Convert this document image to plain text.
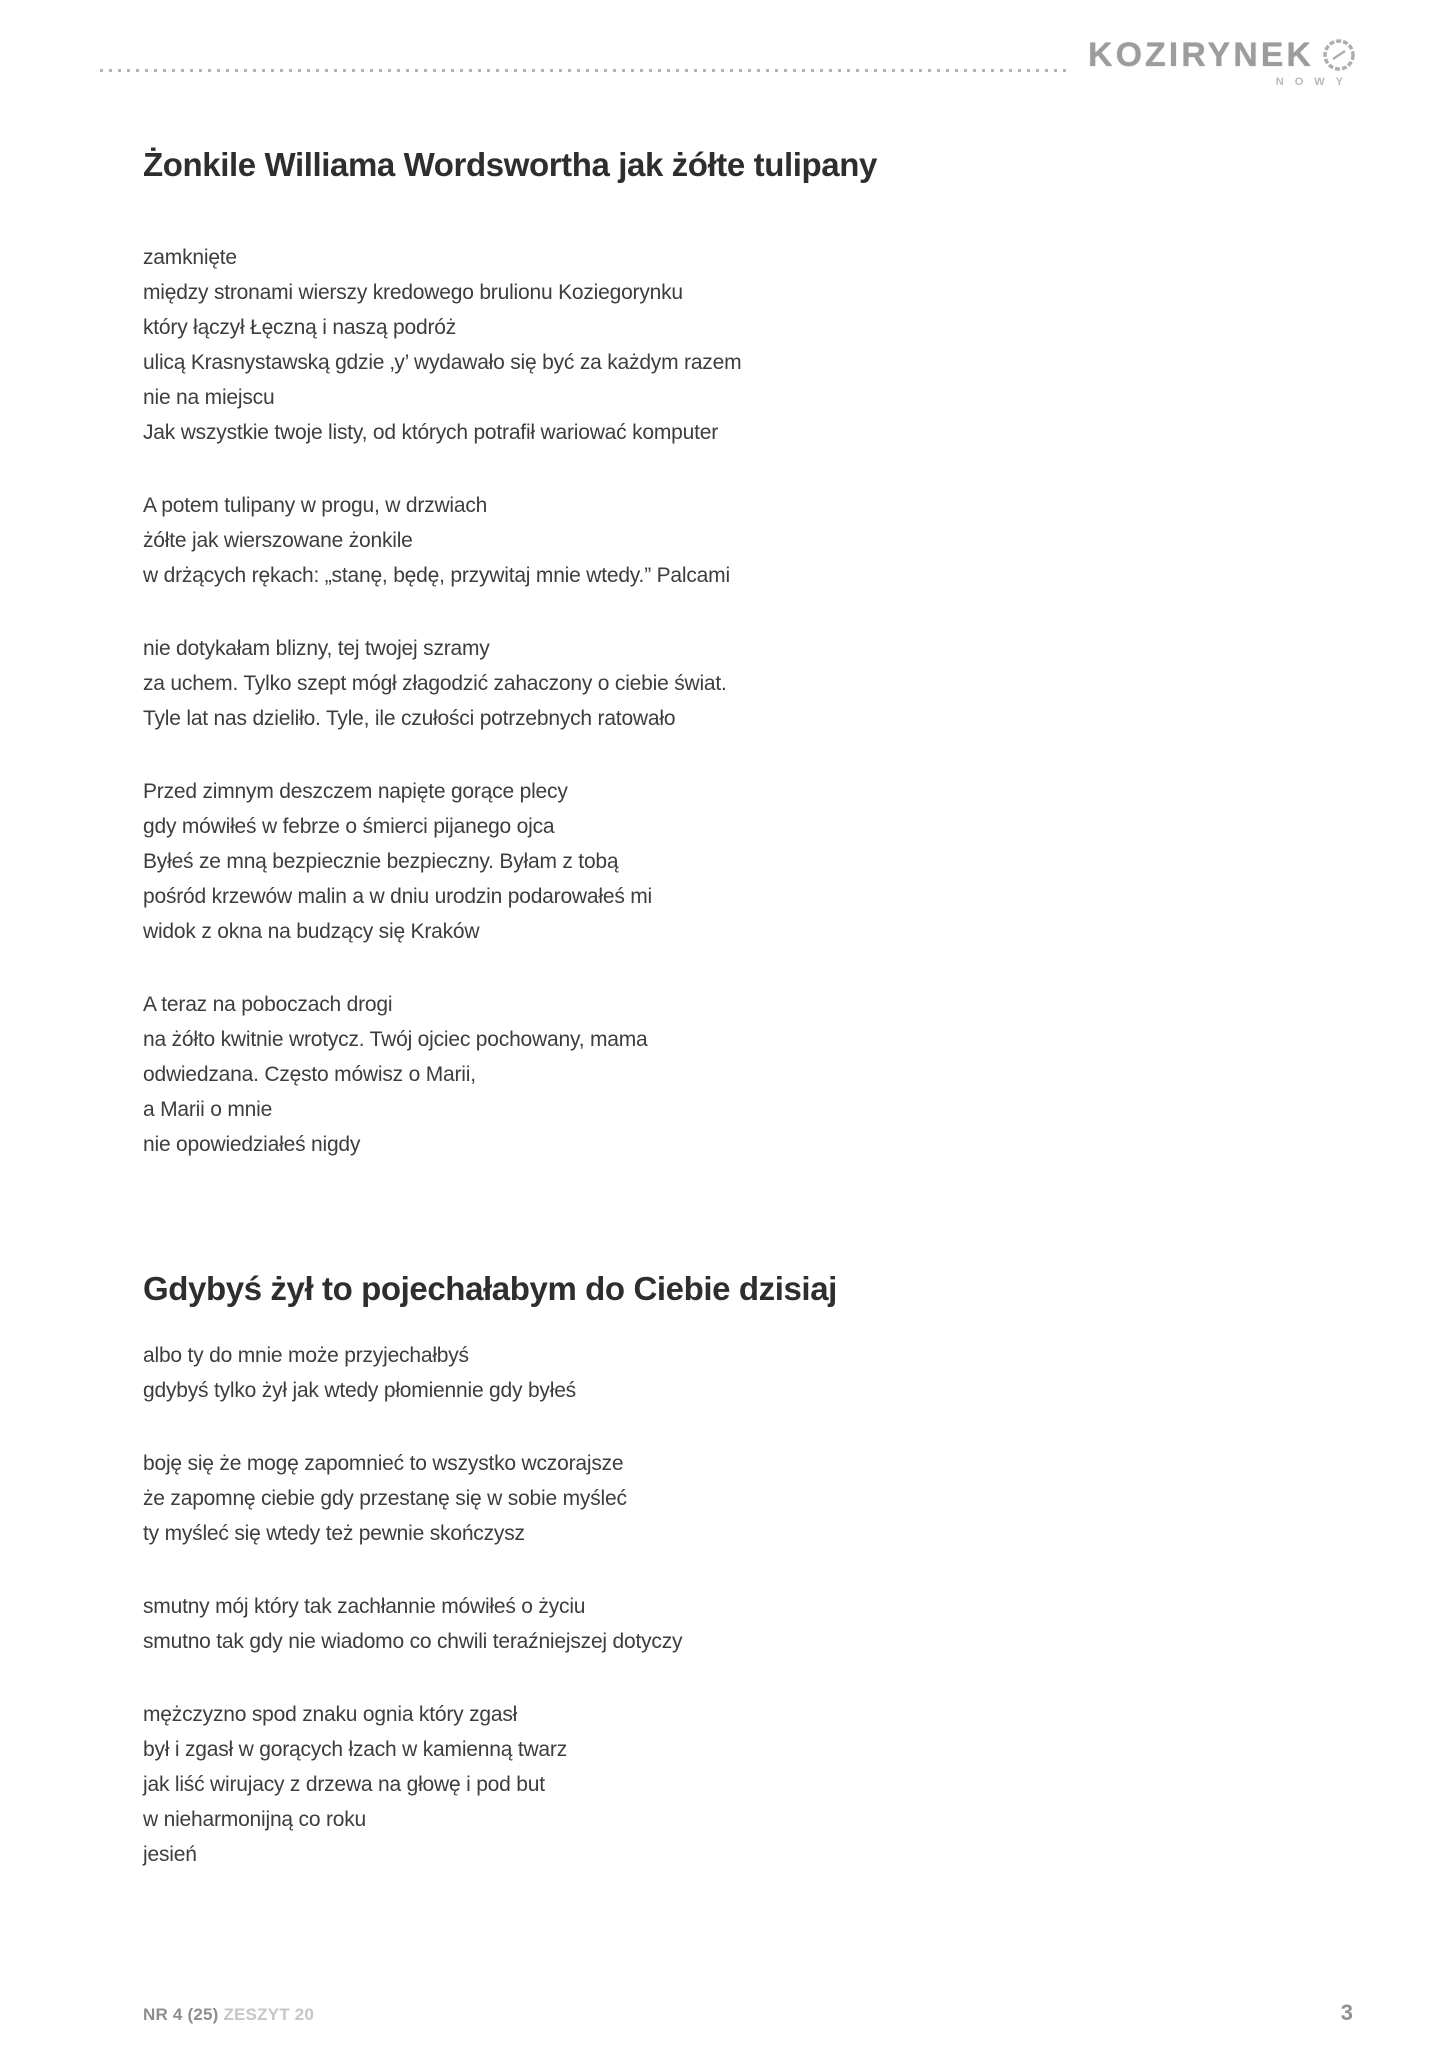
KOZIRYNEK
NOWY
Żonkile Williama Wordswortha jak żółte tulipany
zamknięte
między stronami wierszy kredowego brulionu Koziegorynku
który łączył Łęczną i naszą podróż
ulicą Krasnystawską gdzie ‚y’ wydawało się być za każdym razem
nie na miejscu
Jak wszystkie twoje listy, od których potrafił wariować komputer
A potem tulipany w progu, w drzwiach
żółte jak wierszowane żonkile
w drżących rękach: „stanę, będę, przywitaj mnie wtedy.” Palcami
nie dotykałam blizny, tej twojej szramy
za uchem. Tylko szept mógł złagodzić zahaczony o ciebie świat.
Tyle lat nas dzieliło. Tyle, ile czułości potrzebnych ratowało
Przed zimnym deszczem napięte gorące plecy
gdy mówiłeś w febrze o śmierci pijanego ojca
Byłeś ze mną bezpiecznie bezpieczny. Byłam z tobą
pośród krzewów malin a w dniu urodzin podarowałeś mi
widok z okna na budzący się Kraków
A teraz na poboczach drogi
na żółto kwitnie wrotycz. Twój ojciec pochowany, mama
odwiedzana. Często mówisz o Marii,
a Marii o mnie
nie opowiedziałeś nigdy
Gdybyś żył to pojechałabym do Ciebie dzisiaj
albo ty do mnie może przyjechałbyś
gdybyś tylko żył jak wtedy płomiennie gdy byłeś
boję się że mogę zapomnieć to wszystko wczorajsze
że zapomnę ciebie gdy przestanę się w sobie myśleć
ty myśleć się wtedy też pewnie skończysz
smutny mój który tak zachłannie mówiłeś o życiu
smutno tak gdy nie wiadomo co chwili teraźniejszej dotyczy
mężczyzno spod znaku ognia który zgasł
był i zgasł w gorących łzach w kamienną twarz
jak liść wirujacy z drzewa na głowę i pod but
w nieharmonijną co roku
jesień
NR 4 (25) ZESZYT 20	3
